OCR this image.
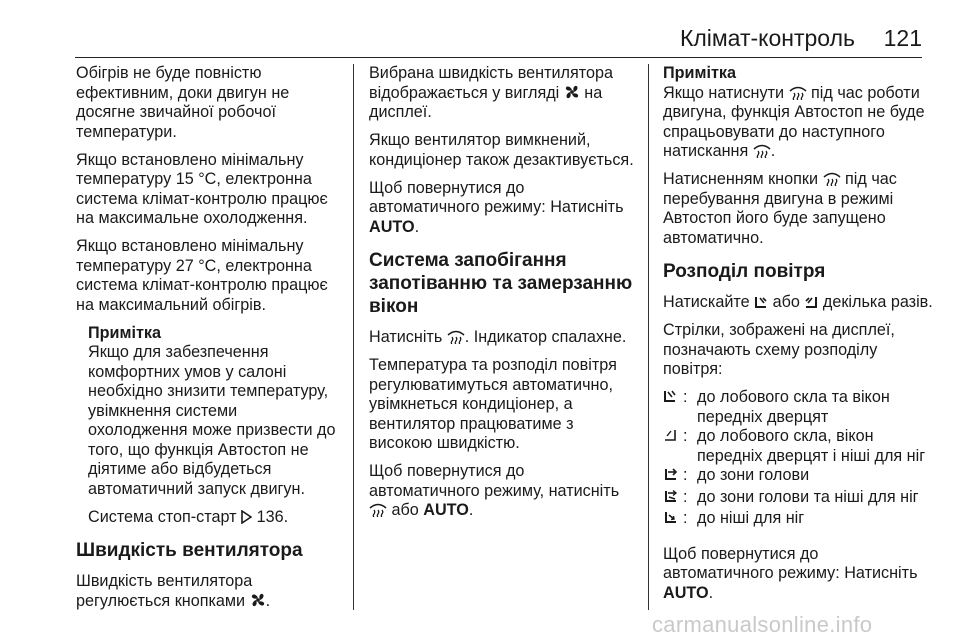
Клімат-контроль 121

Обігрів не буде повністю ефективним, доки двигун не досягне звичайної робочої температури.

Якщо встановлено мінімальну температуру 15 °C, електронна система клімат-контролю працює на максимальне охолодження.

Якщо встановлено мінімальну температуру 27 °C, електронна система клімат-контролю працює на максимальний обігрів.

Примітка

Якщо для забезпечення комфортних умов у салоні необхідно знизити температуру, увімкнення системи охолодження може призвести до того, що функція Автостоп не діятиме або відбудеться автоматичний запуск двигун.

Система стоп-старт 136.

Швидкість вентилятора

Швидкість вентилятора регулюється кнопками .

Вибрана швидкість вентилятора відображається у вигляді на дисплеї.

Якщо вентилятор вимкнений, кондиціонер також дезактивується.

Щоб повернутися до автоматичного режиму: Натисніть AUTO.

Система запобігання запотіванню та замерзанню вікон

Натисніть . Індикатор спалахне.

Температура та розподіл повітря регулюватимуться автоматично, увімкнеться кондиціонер, а вентилятор працюватиме з високою швидкістю.

Щоб повернутися до автоматичного режиму, натисніть
або AUTO.

Примітка

Якщо натиснути під час роботи двигуна, функція Автостоп не буде спрацьовувати до наступного натискання .

Натисненням кнопки під час перебування двигуна в режимі Автостоп його буде запущено автоматично.

Розподіл повітря

Натискайте або декілька разів.

Стрілки, зображені на дисплеї, позначають схему розподілу повітря:

: до лобового скла та вікон передніх дверцят
: до лобового скла, вікон передніх дверцят і ніші для ніг
: до зони голови
: до зони голови та ніші для ніг
: до ніші для ніг

Щоб повернутися до автоматичного режиму: Натисніть AUTO.

carmanualsonline.info
